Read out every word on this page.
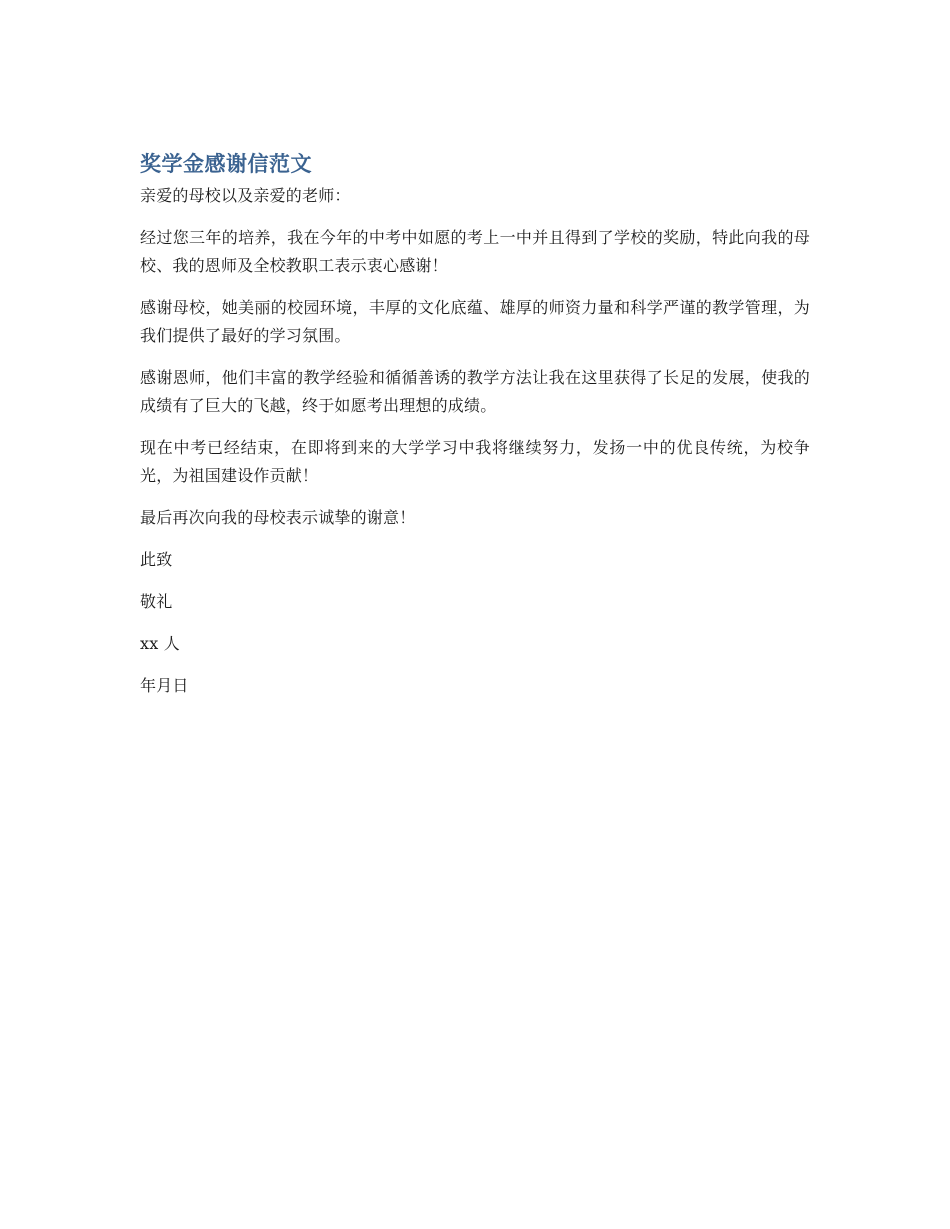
奖学金感谢信范文

亲爱的母校以及亲爱的老师：

经过您三年的培养，我在今年的中考中如愿的考上一中并且得到了学校的奖励，特此向我的母校、我的恩师及全校教职工表示衷心感谢！

感谢母校，她美丽的校园环境，丰厚的文化底蕴、雄厚的师资力量和科学严谨的教学管理，为我们提供了最好的学习氛围。

感谢恩师，他们丰富的教学经验和循循善诱的教学方法让我在这里获得了长足的发展，使我的成绩有了巨大的飞越，终于如愿考出理想的成绩。

现在中考已经结束，在即将到来的大学学习中我将继续努力，发扬一中的优良传统，为校争光，为祖国建设作贡献！

最后再次向我的母校表示诚挚的谢意！

此致

敬礼

xx 人

年月日
